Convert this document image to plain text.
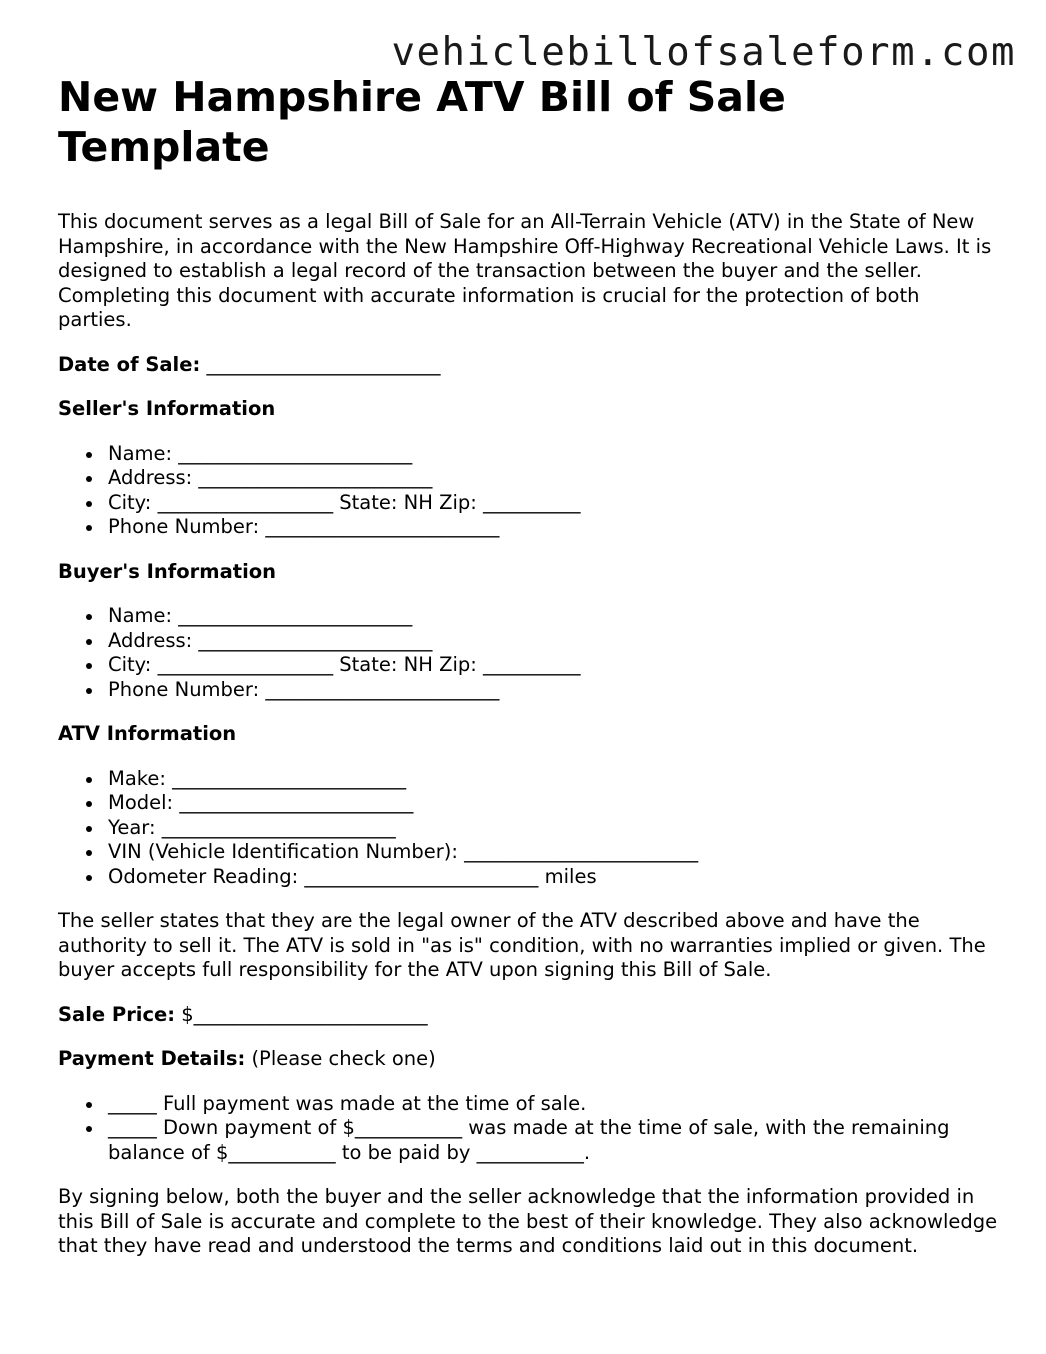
vehiclebillofsaleform.com
New Hampshire ATV Bill of Sale Template

This document serves as a legal Bill of Sale for an All-Terrain Vehicle (ATV) in the State of New Hampshire, in accordance with the New Hampshire Off-Highway Recreational Vehicle Laws. It is designed to establish a legal record of the transaction between the buyer and the seller. Completing this document with accurate information is crucial for the protection of both parties.

Date of Sale: ________________________

Seller's Information

Name: ________________________
Address: ________________________
City: __________________ State: NH Zip: __________
Phone Number: ________________________

Buyer's Information

Name: ________________________
Address: ________________________
City: __________________ State: NH Zip: __________
Phone Number: ________________________

ATV Information

Make: ________________________
Model: ________________________
Year: ________________________
VIN (Vehicle Identification Number): ________________________
Odometer Reading: ________________________ miles

The seller states that they are the legal owner of the ATV described above and have the authority to sell it. The ATV is sold in "as is" condition, with no warranties implied or given. The buyer accepts full responsibility for the ATV upon signing this Bill of Sale.

Sale Price: $________________________

Payment Details: (Please check one)

_____ Full payment was made at the time of sale.
_____ Down payment of $___________ was made at the time of sale, with the remaining balance of $___________ to be paid by ___________.

By signing below, both the buyer and the seller acknowledge that the information provided in this Bill of Sale is accurate and complete to the best of their knowledge. They also acknowledge that they have read and understood the terms and conditions laid out in this document.
